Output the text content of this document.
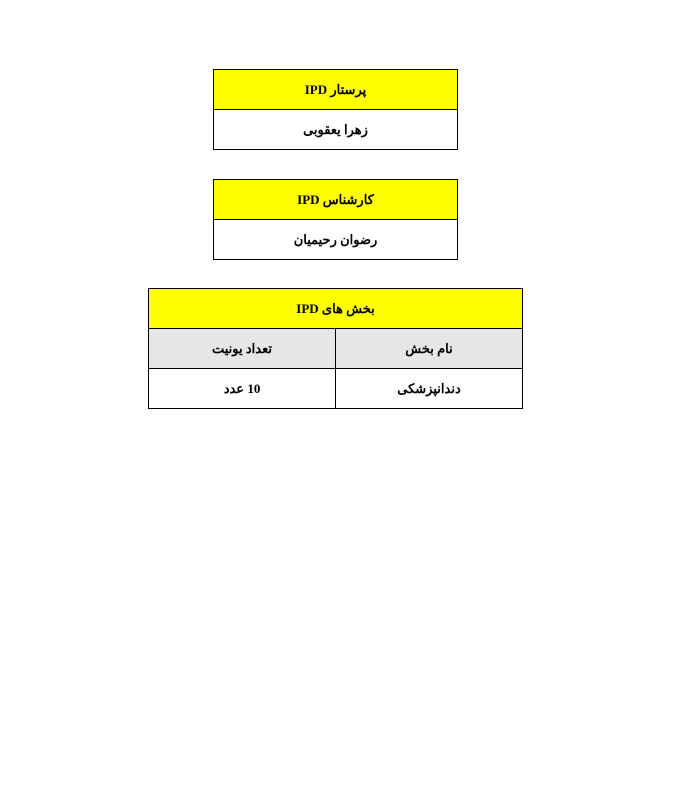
پرستار IPD
زهرا یعقوبی
کارشناس IPD
رضوان رحیمیان
بخش های IPD	
نام بخش	تعداد یونیت
دندانپزشکی	10 عدد
